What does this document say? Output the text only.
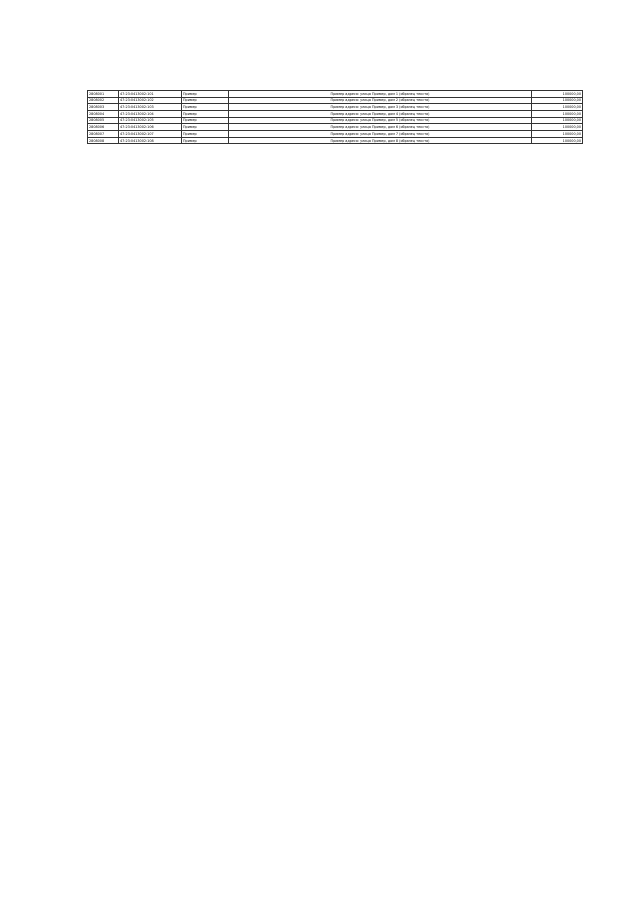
2808001	47:23:0413002:101	Пример	Пример адреса: улица Пример, дом 1 (образец текста)	100000,00
2808002	47:23:0413002:102	Пример	Пример адреса: улица Пример, дом 2 (образец текста)	100000,00
2808003	47:23:0413002:103	Пример	Пример адреса: улица Пример, дом 3 (образец текста)	100000,00
2808004	47:23:0413002:104	Пример	Пример адреса: улица Пример, дом 4 (образец текста)	100000,00
2808005	47:23:0413002:105	Пример	Пример адреса: улица Пример, дом 5 (образец текста)	100000,00
2808006	47:23:0413002:106	Пример	Пример адреса: улица Пример, дом 6 (образец текста)	100000,00
2808007	47:23:0413002:107	Пример	Пример адреса: улица Пример, дом 7 (образец текста)	100000,00
2808008	47:23:0413002:108	Пример	Пример адреса: улица Пример, дом 8 (образец текста)	100000,00
